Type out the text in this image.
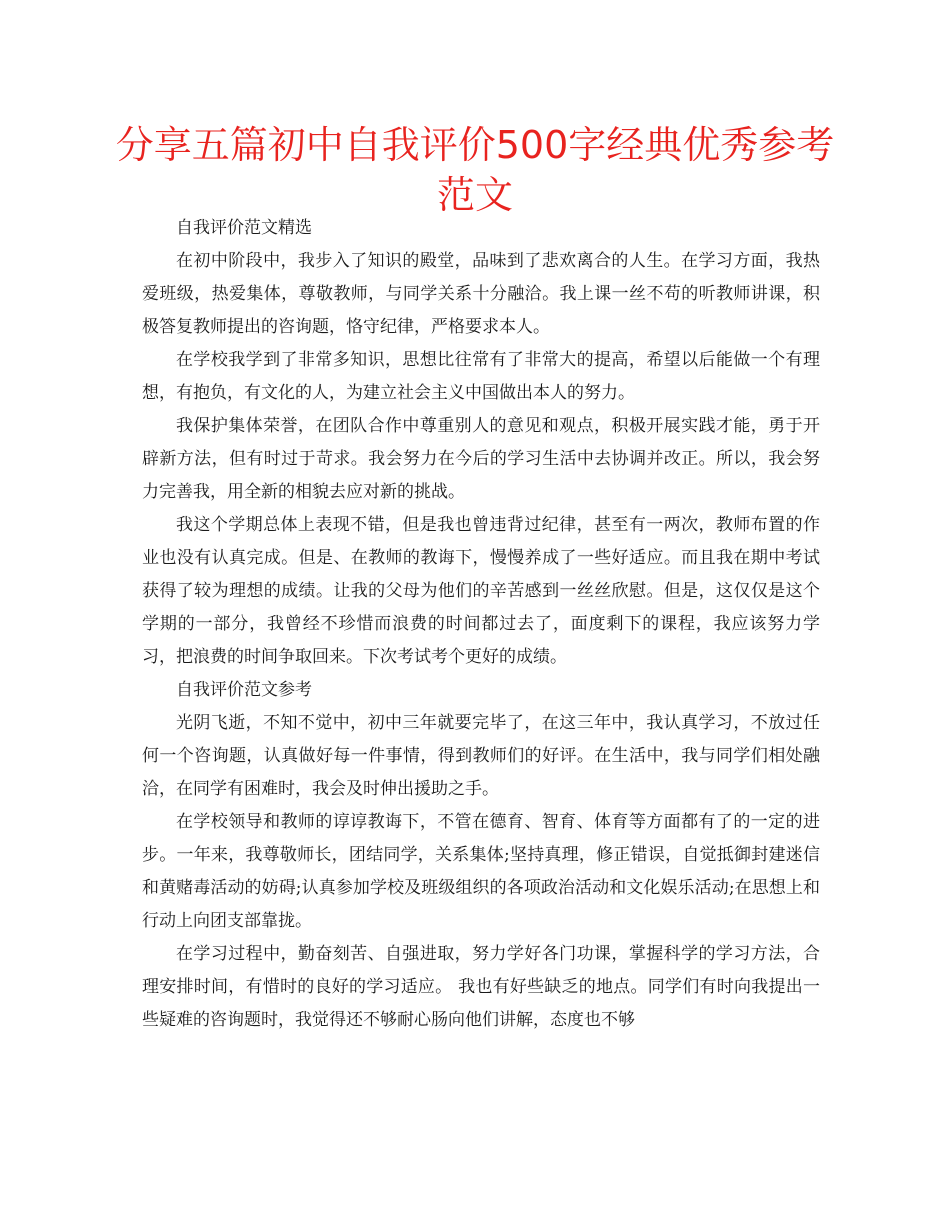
分享五篇初中自我评价500字经典优秀参考范文

自我评价范文精选

在初中阶段中，我步入了知识的殿堂，品味到了悲欢离合的人生。在学习方面，我热爱班级，热爱集体，尊敬教师，与同学关系十分融洽。我上课一丝不苟的听教师讲课，积极答复教师提出的咨询题，恪守纪律，严格要求本人。

在学校我学到了非常多知识，思想比往常有了非常大的提高，希望以后能做一个有理想，有抱负，有文化的人，为建立社会主义中国做出本人的努力。

我保护集体荣誉，在团队合作中尊重别人的意见和观点，积极开展实践才能，勇于开辟新方法，但有时过于苛求。我会努力在今后的学习生活中去协调并改正。所以，我会努力完善我，用全新的相貌去应对新的挑战。

我这个学期总体上表现不错，但是我也曾违背过纪律，甚至有一两次，教师布置的作业也没有认真完成。但是、在教师的教诲下，慢慢养成了一些好适应。而且我在期中考试获得了较为理想的成绩。让我的父母为他们的辛苦感到一丝丝欣慰。但是，这仅仅是这个学期的一部分，我曾经不珍惜而浪费的时间都过去了，面度剩下的课程，我应该努力学习，把浪费的时间争取回来。下次考试考个更好的成绩。

自我评价范文参考

光阴飞逝，不知不觉中，初中三年就要完毕了，在这三年中，我认真学习，不放过任何一个咨询题，认真做好每一件事情，得到教师们的好评。在生活中，我与同学们相处融洽，在同学有困难时，我会及时伸出援助之手。

在学校领导和教师的谆谆教诲下，不管在德育、智育、体育等方面都有了的一定的进步。一年来，我尊敬师长，团结同学，关系集体;坚持真理，修正错误，自觉抵御封建迷信和黄赌毒活动的妨碍;认真参加学校及班级组织的各项政治活动和文化娱乐活动;在思想上和行动上向团支部靠拢。

在学习过程中，勤奋刻苦、自强进取，努力学好各门功课，掌握科学的学习方法，合理安排时间，有惜时的良好的学习适应。 我也有好些缺乏的地点。同学们有时向我提出一些疑难的咨询题时，我觉得还不够耐心肠向他们讲解，态度也不够
